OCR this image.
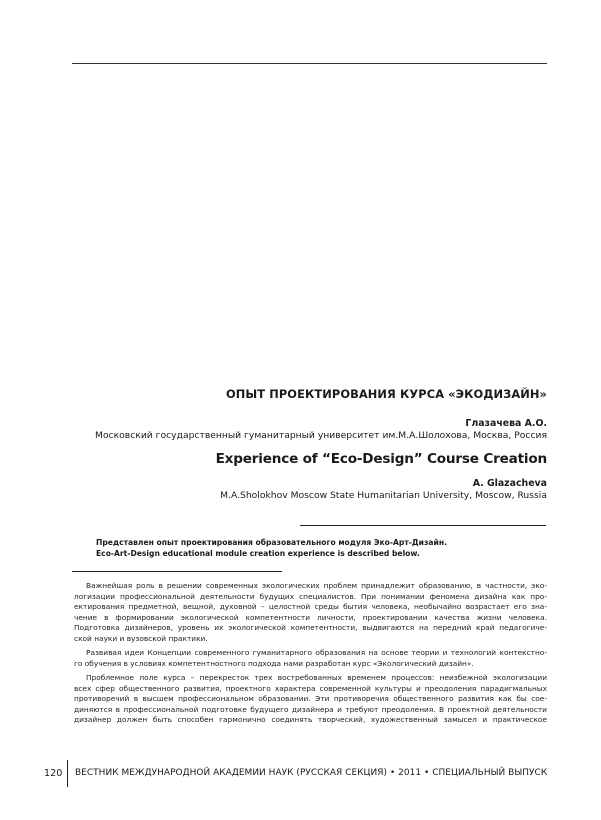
ОПЫТ ПРОЕКТИРОВАНИЯ КУРСА «ЭКОДИЗАЙН»
Глазачева А.О.
Московский государственный гуманитарный университет им.М.А.Шолохова, Москва, Россия
Experience of “Eco-Design” Course Creation
A. Glazacheva
M.A.Sholokhov Moscow State Humanitarian University, Moscow, Russia

Представлен опыт проектирования образовательного модуля Эко-Арт-Дизайн.

Eco-Art-Design educational module creation experience is described below.

Важнейшая роль в решении современных экологических проблем принадлежит образованию, в частности, эко-
логизации профессиональной деятельности будущих специалистов. При понимании феномена дизайна как про-
ектирования предметной, вещной, духовной – целостной среды бытия человека, необычайно возрастает его зна-
чение в формировании экологической компетентности личности, проектировании качества жизни человека.
Подготовка дизайнеров, уровень их экологической компетентности, выдвигаются на передний край педагогиче-
ской науки и вузовской практики.

Развивая идеи Концепции современного гуманитарного образования на основе теории и технологий контекстно-
го обучения в условиях компетентностного подхода нами разработан курс «Экологический дизайн».

Проблемное поле курса – перекресток трех востребованных временем процессов: неизбежной экологизации
всех сфер общественного развития, проектного характера современной культуры и преодоления парадигмальных
противоречий в высшем профессиональном образовании. Эти противоречия общественного развития как бы сое-
диняются в профессиональной подготовке будущего дизайнера и требуют преодоления. В проектной деятельности
дизайнер должен быть способен гармонично соединять творческий, художественный замысел и практическое

120 ВЕСТНИК МЕЖДУНАРОДНОЙ АКАДЕМИИ НАУК (РУССКАЯ СЕКЦИЯ) • 2011 • СПЕЦИАЛЬНЫЙ ВЫПУСК
